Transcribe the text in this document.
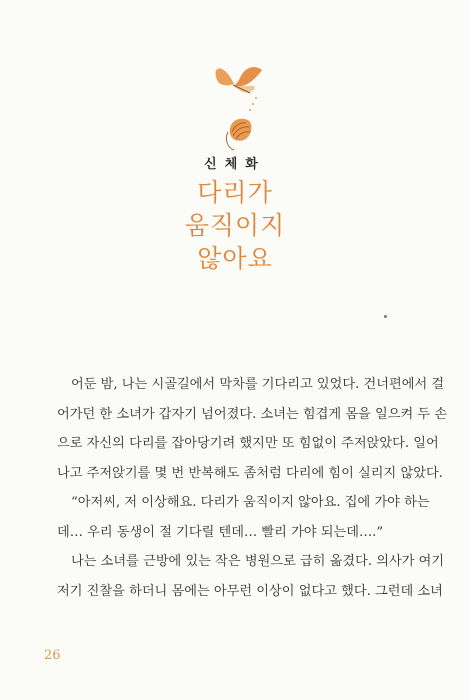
신체화
다리가
움직이지
않아요
어둔 밤, 나는 시골길에서 막차를 기다리고 있었다. 건너편에서 걸
어가던 한 소녀가 갑자기 넘어졌다. 소녀는 힘겹게 몸을 일으켜 두 손
으로 자신의 다리를 잡아당기려 했지만 또 힘없이 주저앉았다. 일어
나고 주저앉기를 몇 번 반복해도 좀처럼 다리에 힘이 실리지 않았다.
“아저씨, 저 이상해요. 다리가 움직이지 않아요. 집에 가야 하는
데… 우리 동생이 절 기다릴 텐데… 빨리 가야 되는데….”
나는 소녀를 근방에 있는 작은 병원으로 급히 옮겼다. 의사가 여기
저기 진찰을 하더니 몸에는 아무런 이상이 없다고 했다. 그런데 소녀
26
